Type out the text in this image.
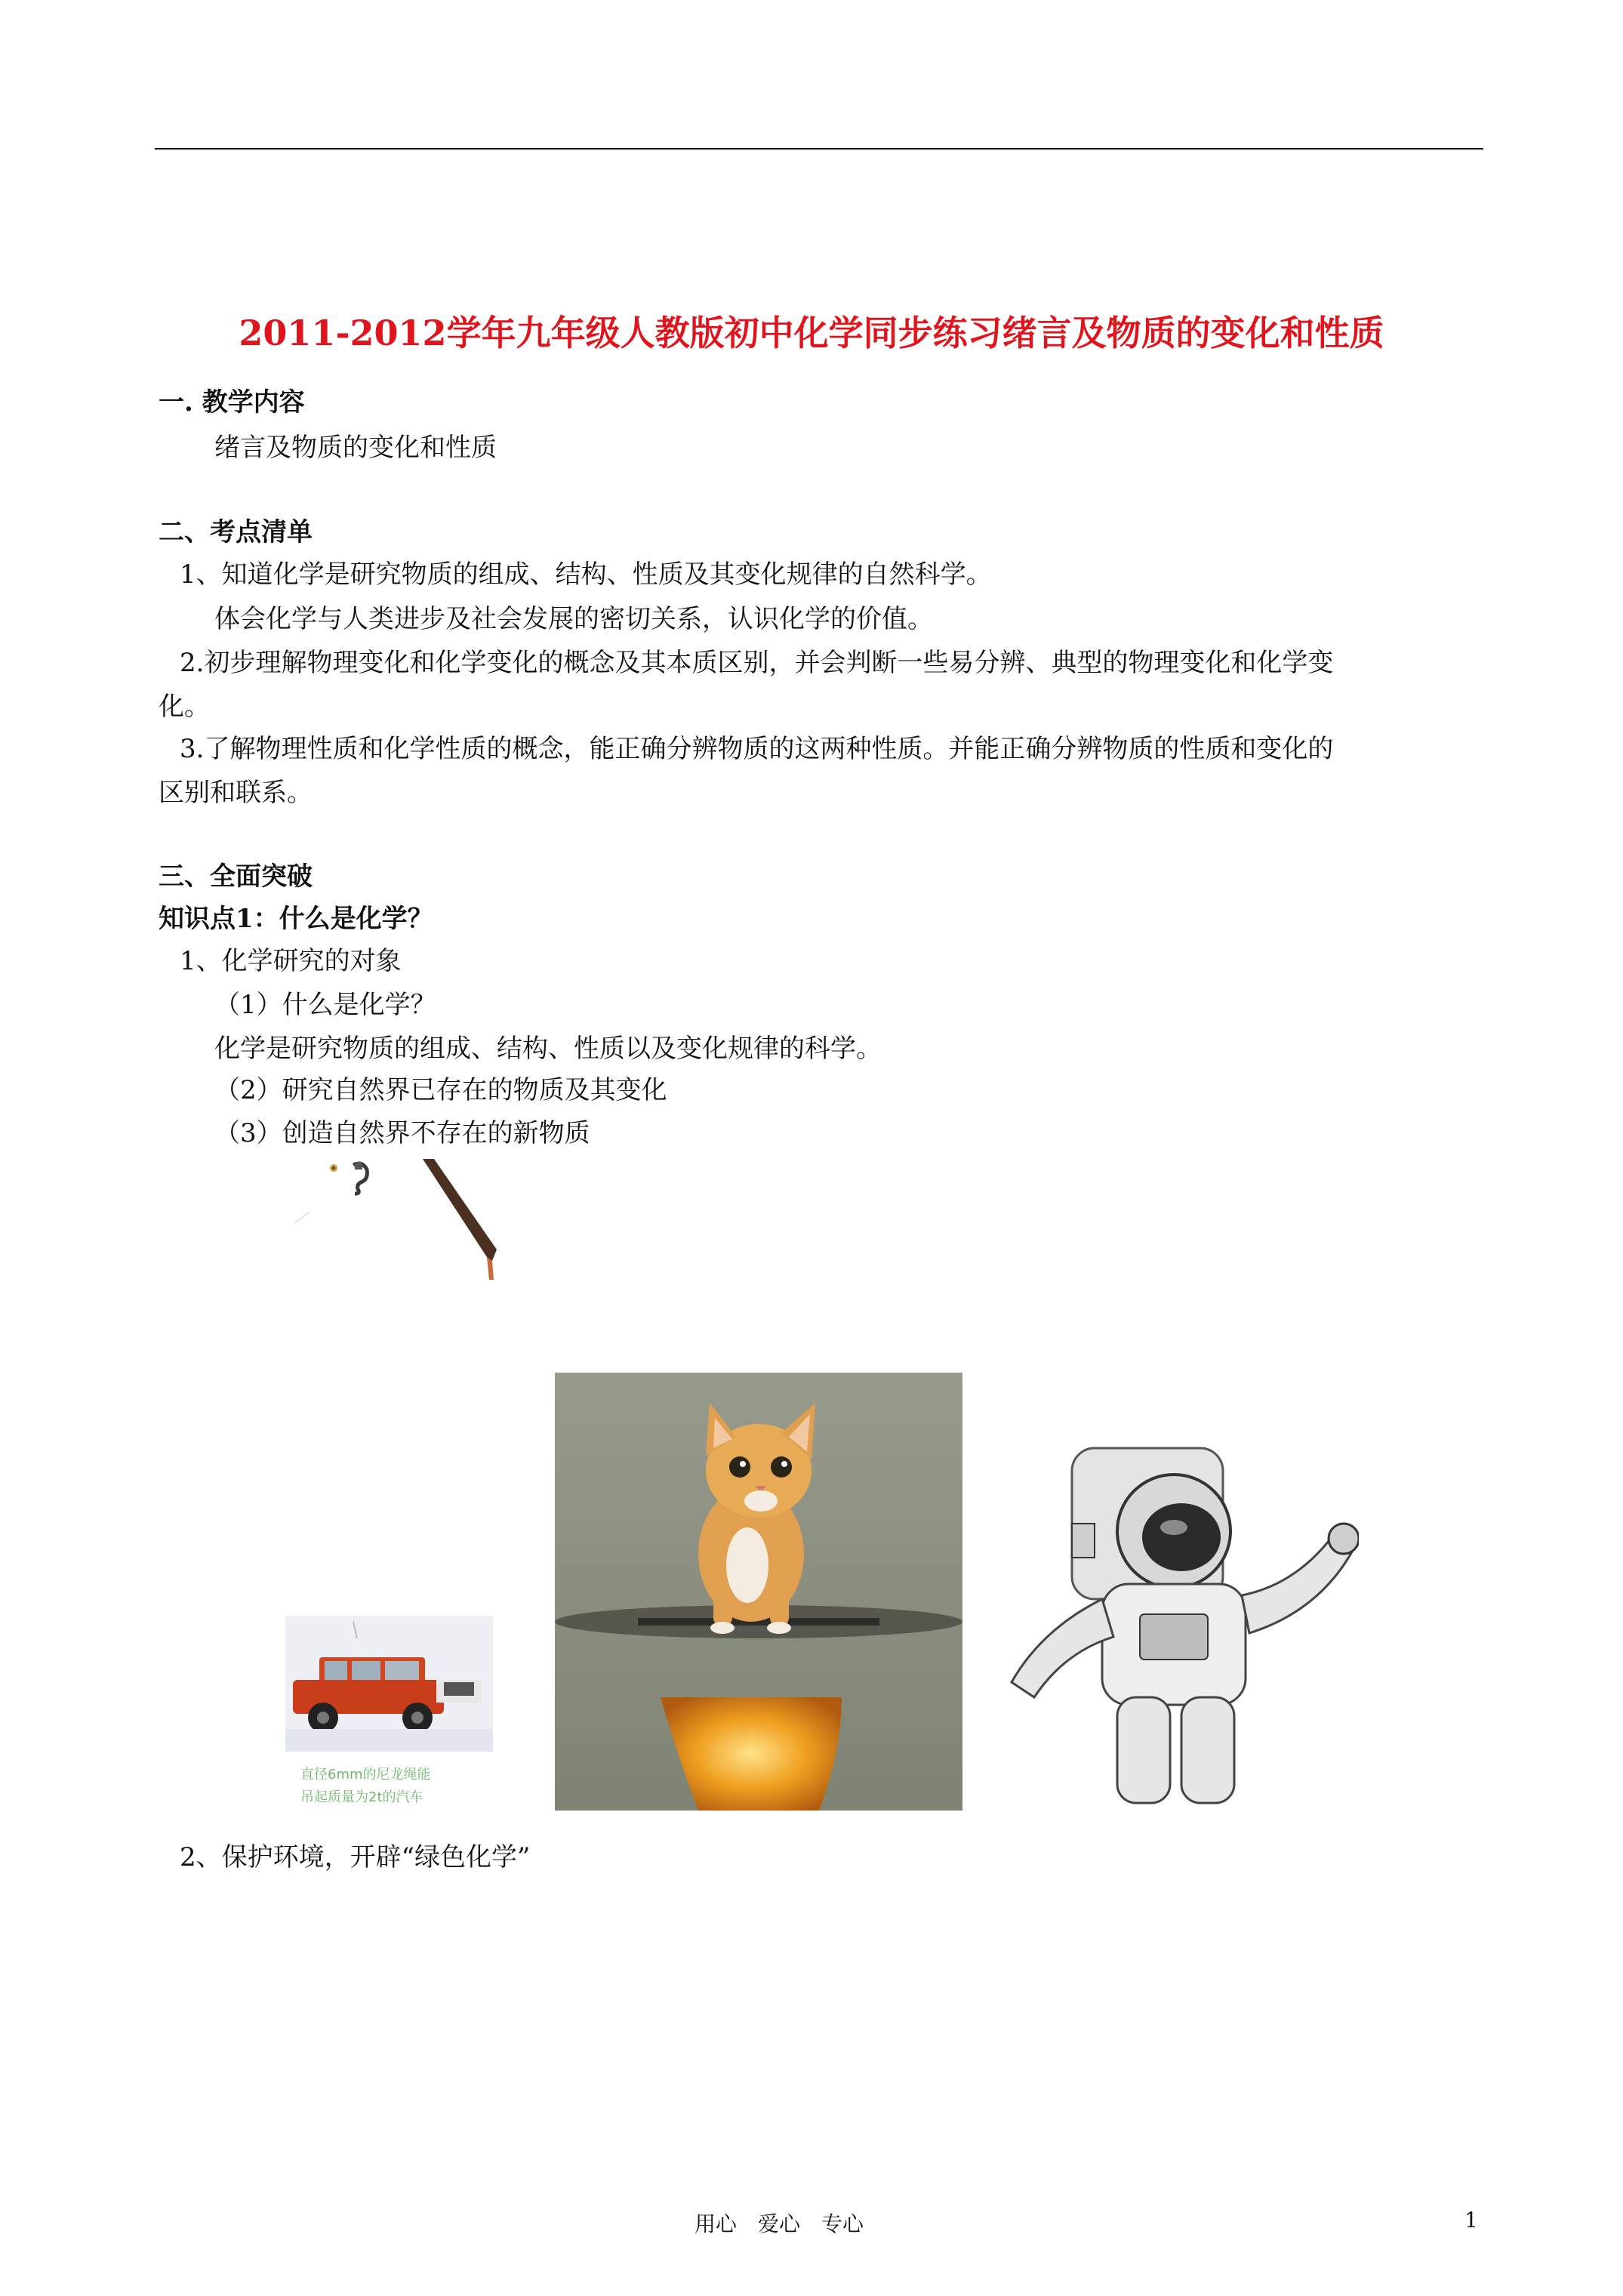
2011-2012学年九年级人教版初中化学同步练习绪言及物质的变化和性质
一. 教学内容
绪言及物质的变化和性质
二、考点清单
1、知道化学是研究物质的组成、结构、性质及其变化规律的自然科学。
体会化学与人类进步及社会发展的密切关系，认识化学的价值。
2.初步理解物理变化和化学变化的概念及其本质区别，并会判断一些易分辨、典型的物理变化和化学变
化。
3.了解物理性质和化学性质的概念，能正确分辨物质的这两种性质。并能正确分辨物质的性质和变化的
区别和联系。
三、全面突破
知识点1：什么是化学？
1、化学研究的对象
（1）什么是化学？
化学是研究物质的组成、结构、性质以及变化规律的科学。
（2）研究自然界已存在的物质及其变化
（3）创造自然界不存在的新物质
直径6mm的尼龙绳能
吊起质量为2t的汽车
2、保护环境，开辟“绿色化学”
用心　爱心　专心	1
